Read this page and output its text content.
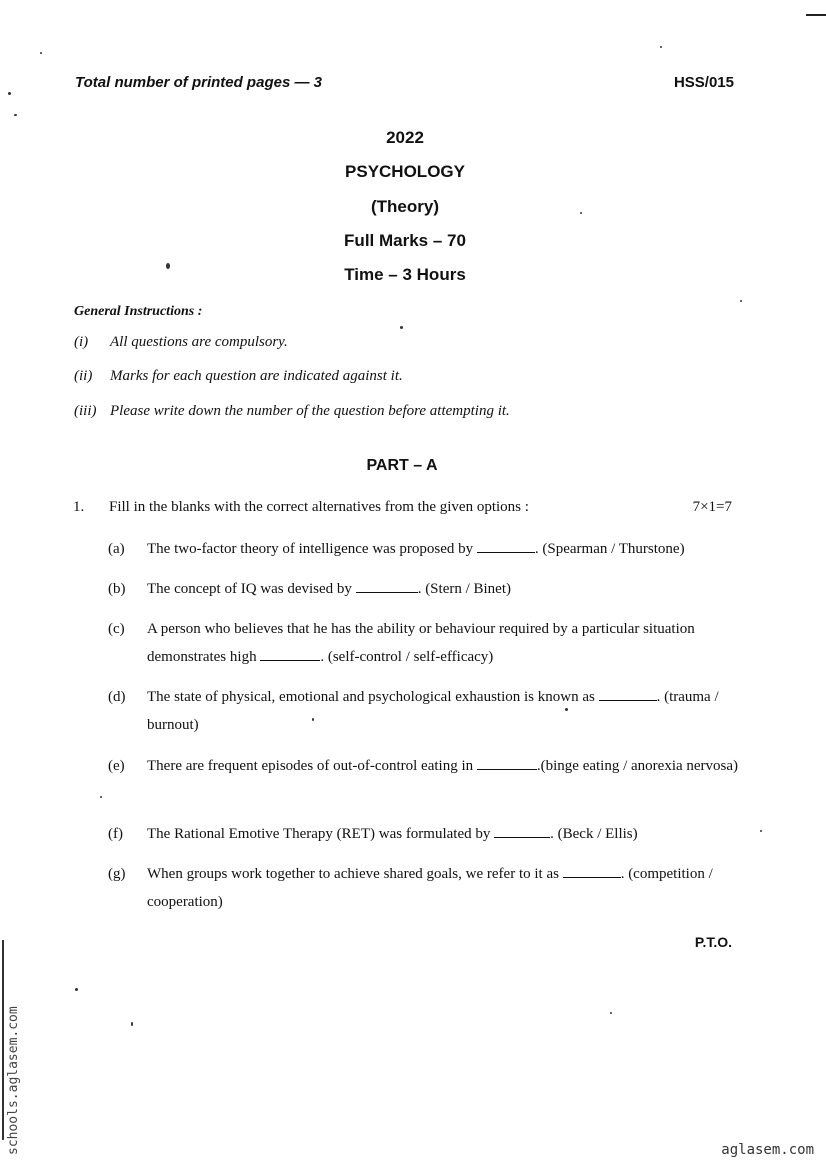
Total number of printed pages — 3	HSS/015
2022
PSYCHOLOGY
(Theory)
Full Marks – 70
Time – 3 Hours
General Instructions :
(i) All questions are compulsory.
(ii) Marks for each question are indicated against it.
(iii) Please write down the number of the question before attempting it.
PART – A
1. Fill in the blanks with the correct alternatives from the given options :	7×1=7
(a) The two-factor theory of intelligence was proposed by	. (Spearman / Thurstone)
(b) The concept of IQ was devised by	. (Stern / Binet)
(c) A person who believes that he has the ability or behaviour required by a particular situation demonstrates high	. (self-control / self-efficacy)
(d) The state of physical, emotional and psychological exhaustion is known as	. (trauma / burnout)
(e) There are frequent episodes of out-of-control eating in	.(binge eating / anorexia nervosa)
(f) The Rational Emotive Therapy (RET) was formulated by	. (Beck / Ellis)
(g) When groups work together to achieve shared goals, we refer to it as	. (competition / cooperation)
P.T.O.
schools.aglasem.com	aglasem.com
